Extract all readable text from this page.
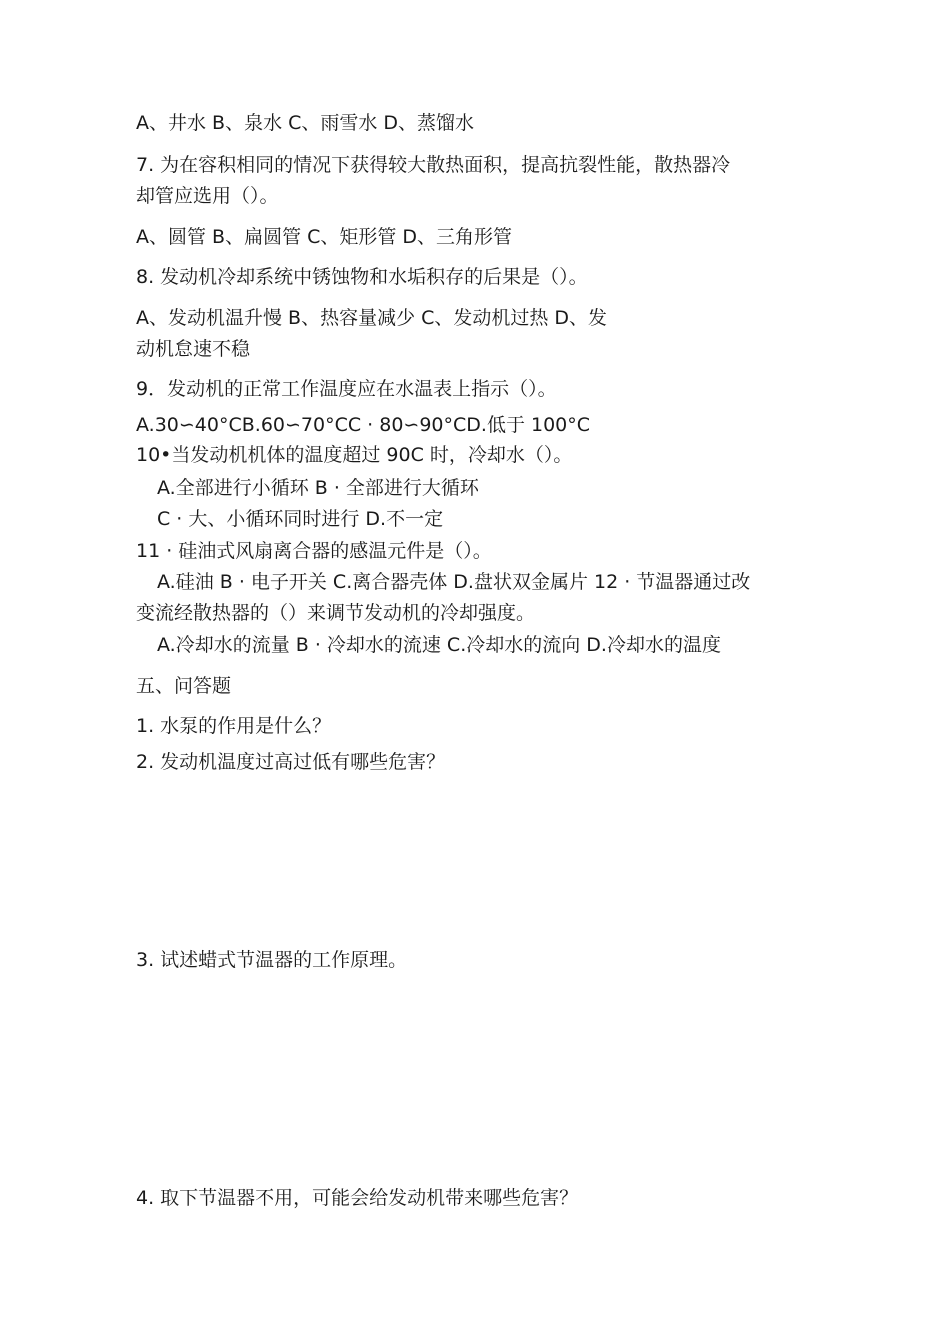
A、井水 B、泉水 C、雨雪水 D、蒸馏水
7. 为在容积相同的情况下获得较大散热面积，提高抗裂性能，散热器冷
却管应选用（）。
A、圆管 B、扁圆管 C、矩形管 D、三角形管
8. 发动机冷却系统中锈蚀物和水垢积存的后果是（）。
A、发动机温升慢 B、热容量减少 C、发动机过热 D、发
动机怠速不稳
9．发动机的正常工作温度应在水温表上指示（）。
A.30∽40°CB.60∽70°CC · 80∽90°CD.低于 100°C
10•当发动机机体的温度超过 90C 时，冷却水（）。
A.全部进行小循环 B · 全部进行大循环
C · 大、小循环同时进行 D.不一定
11 · 硅油式风扇离合器的感温元件是（）。
A.硅油 B · 电子开关 C.离合器壳体 D.盘状双金属片 12 · 节温器通过改
变流经散热器的（）来调节发动机的冷却强度。
A.冷却水的流量 B · 冷却水的流速 C.冷却水的流向 D.冷却水的温度
五、问答题
1. 水泵的作用是什么？
2. 发动机温度过高过低有哪些危害？
3. 试述蜡式节温器的工作原理。
4. 取下节温器不用，可能会给发动机带来哪些危害？
